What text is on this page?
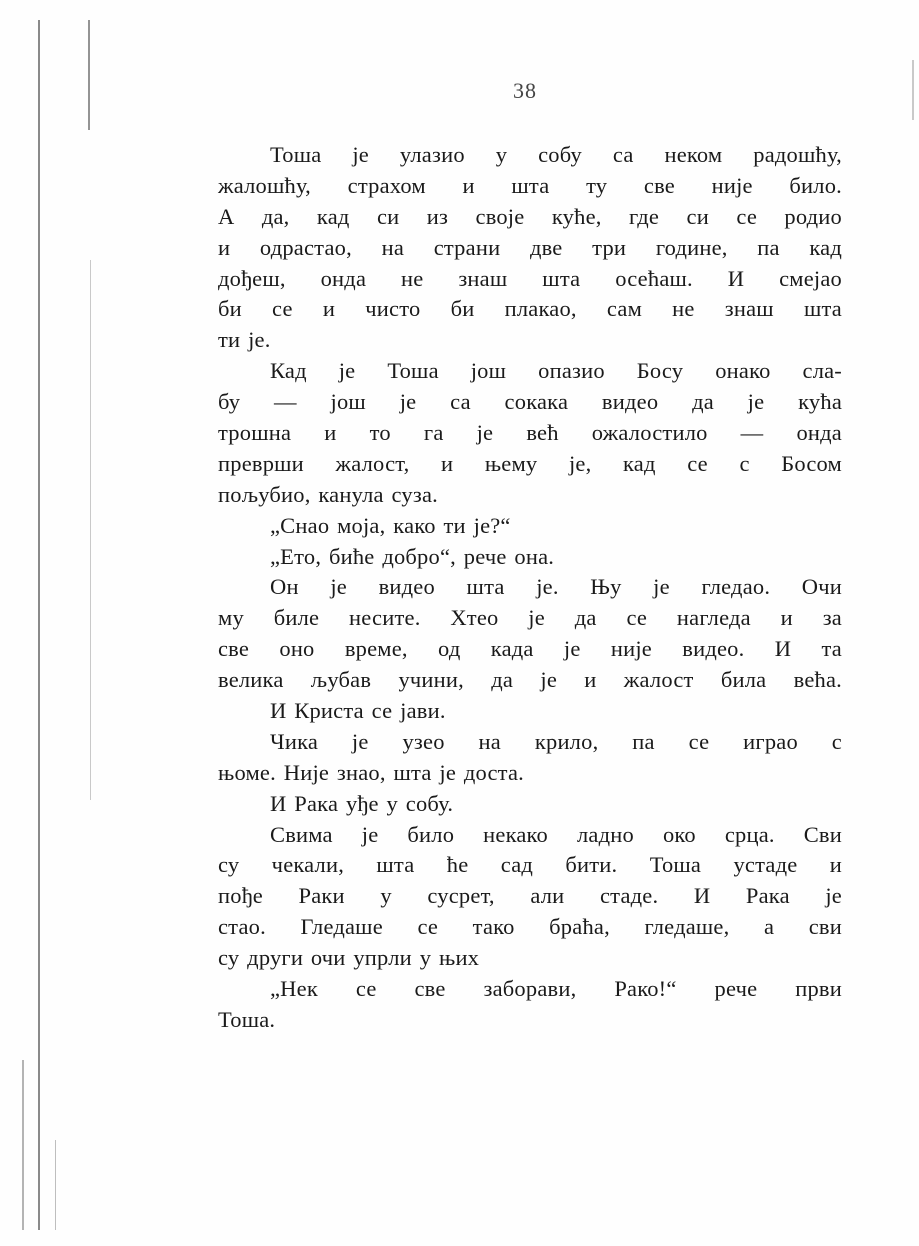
38
Тоша је улазио у собу са неком радошћу,
жалошћу, страхом и шта ту све није било.
А да, кад си из своје куће, где си се родио
и одрастао, на страни две три године, па кад
дођеш, онда не знаш шта осећаш. И смејао
би се и чисто би плакао, сам не знаш шта
ти је.
Кад је Тоша још опазио Босу онако сла-
бу — још је са сокака видео да је кућа
трошна и то га је већ ожалостило — онда
преврши жалост, и њему је, кад се с Босом
пољубио, канула суза.
„Снао моја, како ти је?“
„Ето, биће добро“, рече она.
Он је видео шта је. Њу је гледао. Очи
му биле несите. Хтео је да се нагледа и за
све оно време, од када је није видео. И та
велика љубав учини, да је и жалост била већа.
И Криста се јави.
Чика је узео на крило, па се играо с
њоме. Није знао, шта је доста.
И Рака уђе у собу.
Свима је било некако ладно око срца. Сви
су чекали, шта ће сад бити. Тоша устаде и
пође Раки у сусрет, али стаде. И Рака је
стао. Гледаше се тако браћа, гледаше, а сви
су други очи упрли у њих
„Нек се све заборави, Рако!“ рече први
Тоша.
